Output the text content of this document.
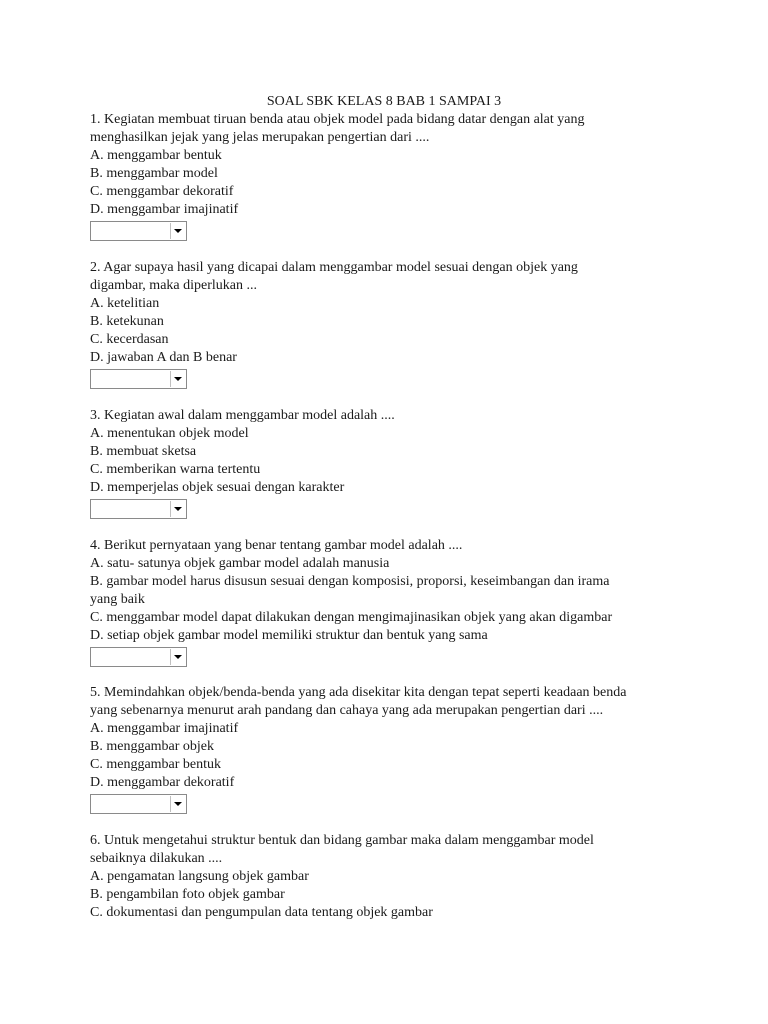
SOAL SBK KELAS 8 BAB 1 SAMPAI 3
1. Kegiatan membuat tiruan benda atau objek model pada bidang datar dengan alat yang
menghasilkan jejak yang jelas merupakan pengertian dari ....
A. menggambar bentuk
B. menggambar model
C. menggambar dekoratif
D. menggambar imajinatif
2. Agar supaya hasil yang dicapai dalam menggambar model sesuai dengan objek yang
digambar, maka diperlukan ...
A. ketelitian
B. ketekunan
C. kecerdasan
D. jawaban A dan B benar
3. Kegiatan awal dalam menggambar model adalah ....
A. menentukan objek model
B. membuat sketsa
C. memberikan warna tertentu
D. memperjelas objek sesuai dengan karakter
4. Berikut pernyataan yang benar tentang gambar model adalah ....
A. satu- satunya objek gambar model adalah manusia
B. gambar model harus disusun sesuai dengan komposisi, proporsi, keseimbangan dan irama
yang baik
C. menggambar model dapat dilakukan dengan mengimajinasikan objek yang akan digambar
D. setiap objek gambar model memiliki struktur dan bentuk yang sama
5. Memindahkan objek/benda-benda yang ada disekitar kita dengan tepat seperti keadaan benda
yang sebenarnya menurut arah pandang dan cahaya yang ada merupakan pengertian dari ....
A. menggambar imajinatif
B. menggambar objek
C. menggambar bentuk
D. menggambar dekoratif
6. Untuk mengetahui struktur bentuk dan bidang gambar maka dalam menggambar model
sebaiknya dilakukan ....
A. pengamatan langsung objek gambar
B. pengambilan foto objek gambar
C. dokumentasi dan pengumpulan data tentang objek gambar
